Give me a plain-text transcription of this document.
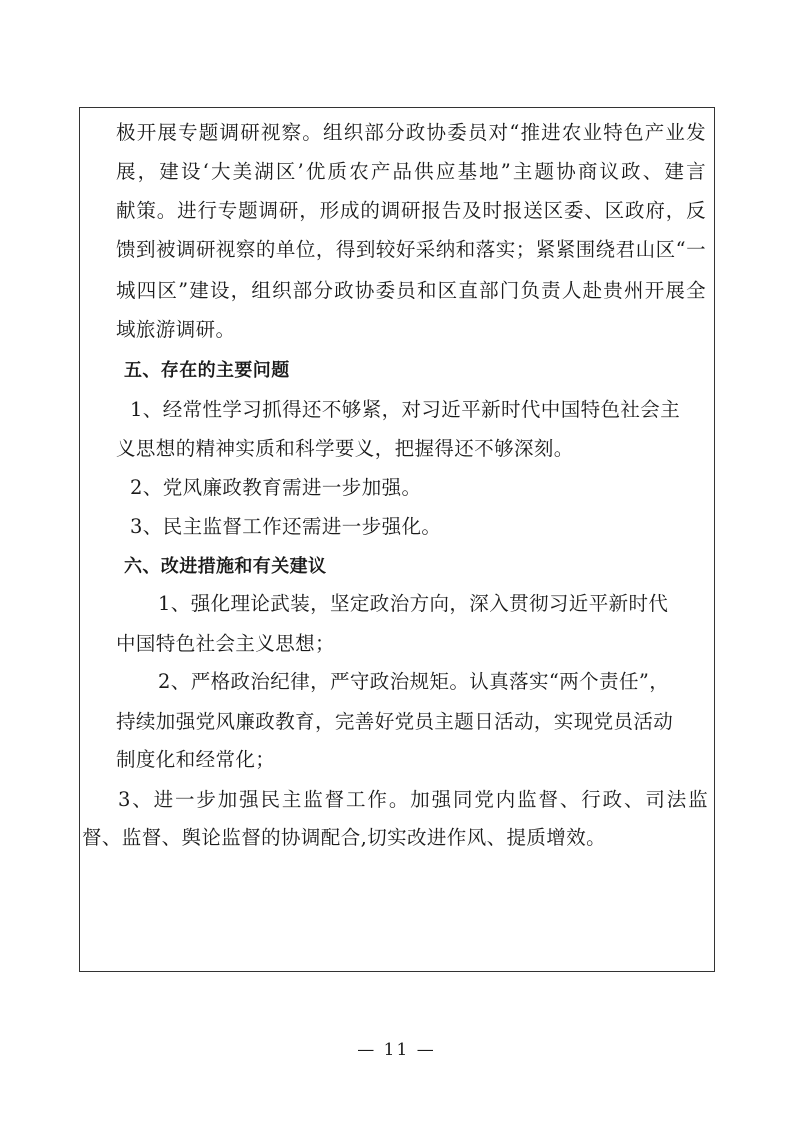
极开展专题调研视察。组织部分政协委员对“推进农业特色产业发
展，建设‘大美湖区’优质农产品供应基地”主题协商议政、建言
献策。进行专题调研，形成的调研报告及时报送区委、区政府，反
馈到被调研视察的单位，得到较好采纳和落实；紧紧围绕君山区“一
城四区”建设，组织部分政协委员和区直部门负责人赴贵州开展全
域旅游调研。
五、存在的主要问题
1、经常性学习抓得还不够紧，对习近平新时代中国特色社会主
义思想的精神实质和科学要义，把握得还不够深刻。
2、党风廉政教育需进一步加强。
3、民主监督工作还需进一步强化。
六、改进措施和有关建议
1、强化理论武装，坚定政治方向，深入贯彻习近平新时代
中国特色社会主义思想；
2、严格政治纪律，严守政治规矩。认真落实“两个责任”，
持续加强党风廉政教育，完善好党员主题日活动，实现党员活动
制度化和经常化；
3、进一步加强民主监督工作。加强同党内监督、行政、司法监
督、监督、舆论监督的协调配合,切实改进作风、提质增效。
— 11 —
